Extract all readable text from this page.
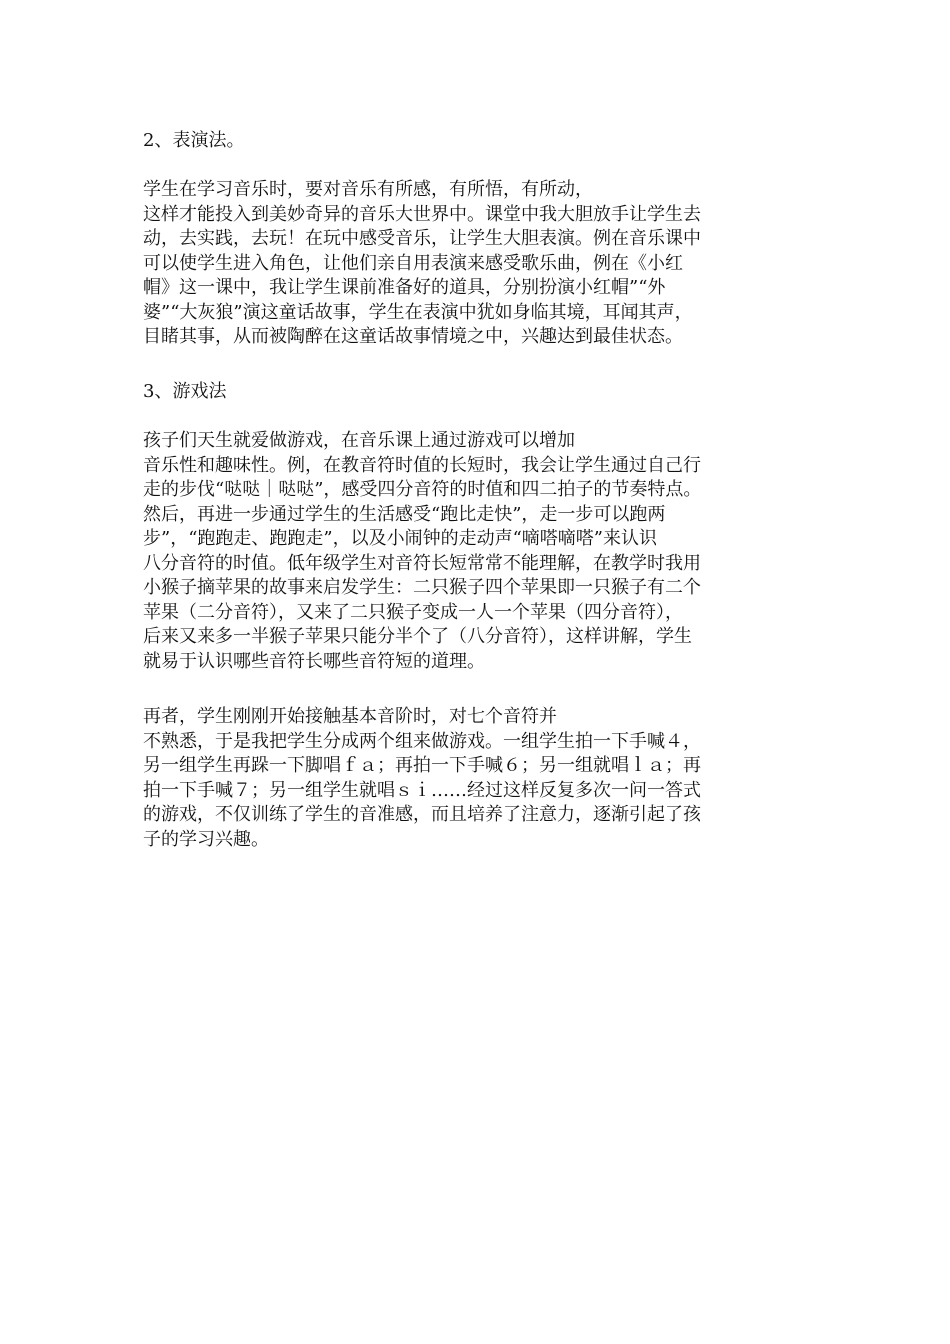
2、表演法。

学生在学习音乐时，要对音乐有所感，有所悟，有所动，
这样才能投入到美妙奇异的音乐大世界中。课堂中我大胆放手让学生去
动，去实践，去玩！在玩中感受音乐，让学生大胆表演。例在音乐课中
可以使学生进入角色，让他们亲自用表演来感受歌乐曲，例在《小红
帽》这一课中，我让学生课前准备好的道具，分别扮演小红帽”“外
婆”“大灰狼”演这童话故事，学生在表演中犹如身临其境，耳闻其声，
目睹其事，从而被陶醉在这童话故事情境之中，兴趣达到最佳状态。

3、游戏法

孩子们天生就爱做游戏，在音乐课上通过游戏可以增加
音乐性和趣味性。例，在教音符时值的长短时，我会让学生通过自己行
走的步伐“哒哒｜哒哒”，感受四分音符的时值和四二拍子的节奏特点。
然后，再进一步通过学生的生活感受“跑比走快”，走一步可以跑两
步”，“跑跑走、跑跑走”，以及小闹钟的走动声“嘀嗒嘀嗒”来认识
八分音符的时值。低年级学生对音符长短常常不能理解，在教学时我用
小猴子摘苹果的故事来启发学生：二只猴子四个苹果即一只猴子有二个
苹果（二分音符），又来了二只猴子变成一人一个苹果（四分音符），
后来又来多一半猴子苹果只能分半个了（八分音符），这样讲解，学生
就易于认识哪些音符长哪些音符短的道理。
再者，学生刚刚开始接触基本音阶时，对七个音符并
不熟悉，于是我把学生分成两个组来做游戏。一组学生拍一下手喊４，
另一组学生再跺一下脚唱ｆａ；再拍一下手喊６；另一组就唱ｌａ；再
拍一下手喊７；另一组学生就唱ｓｉ……经过这样反复多次一问一答式
的游戏，不仅训练了学生的音准感，而且培养了注意力，逐渐引起了孩
子的学习兴趣。
